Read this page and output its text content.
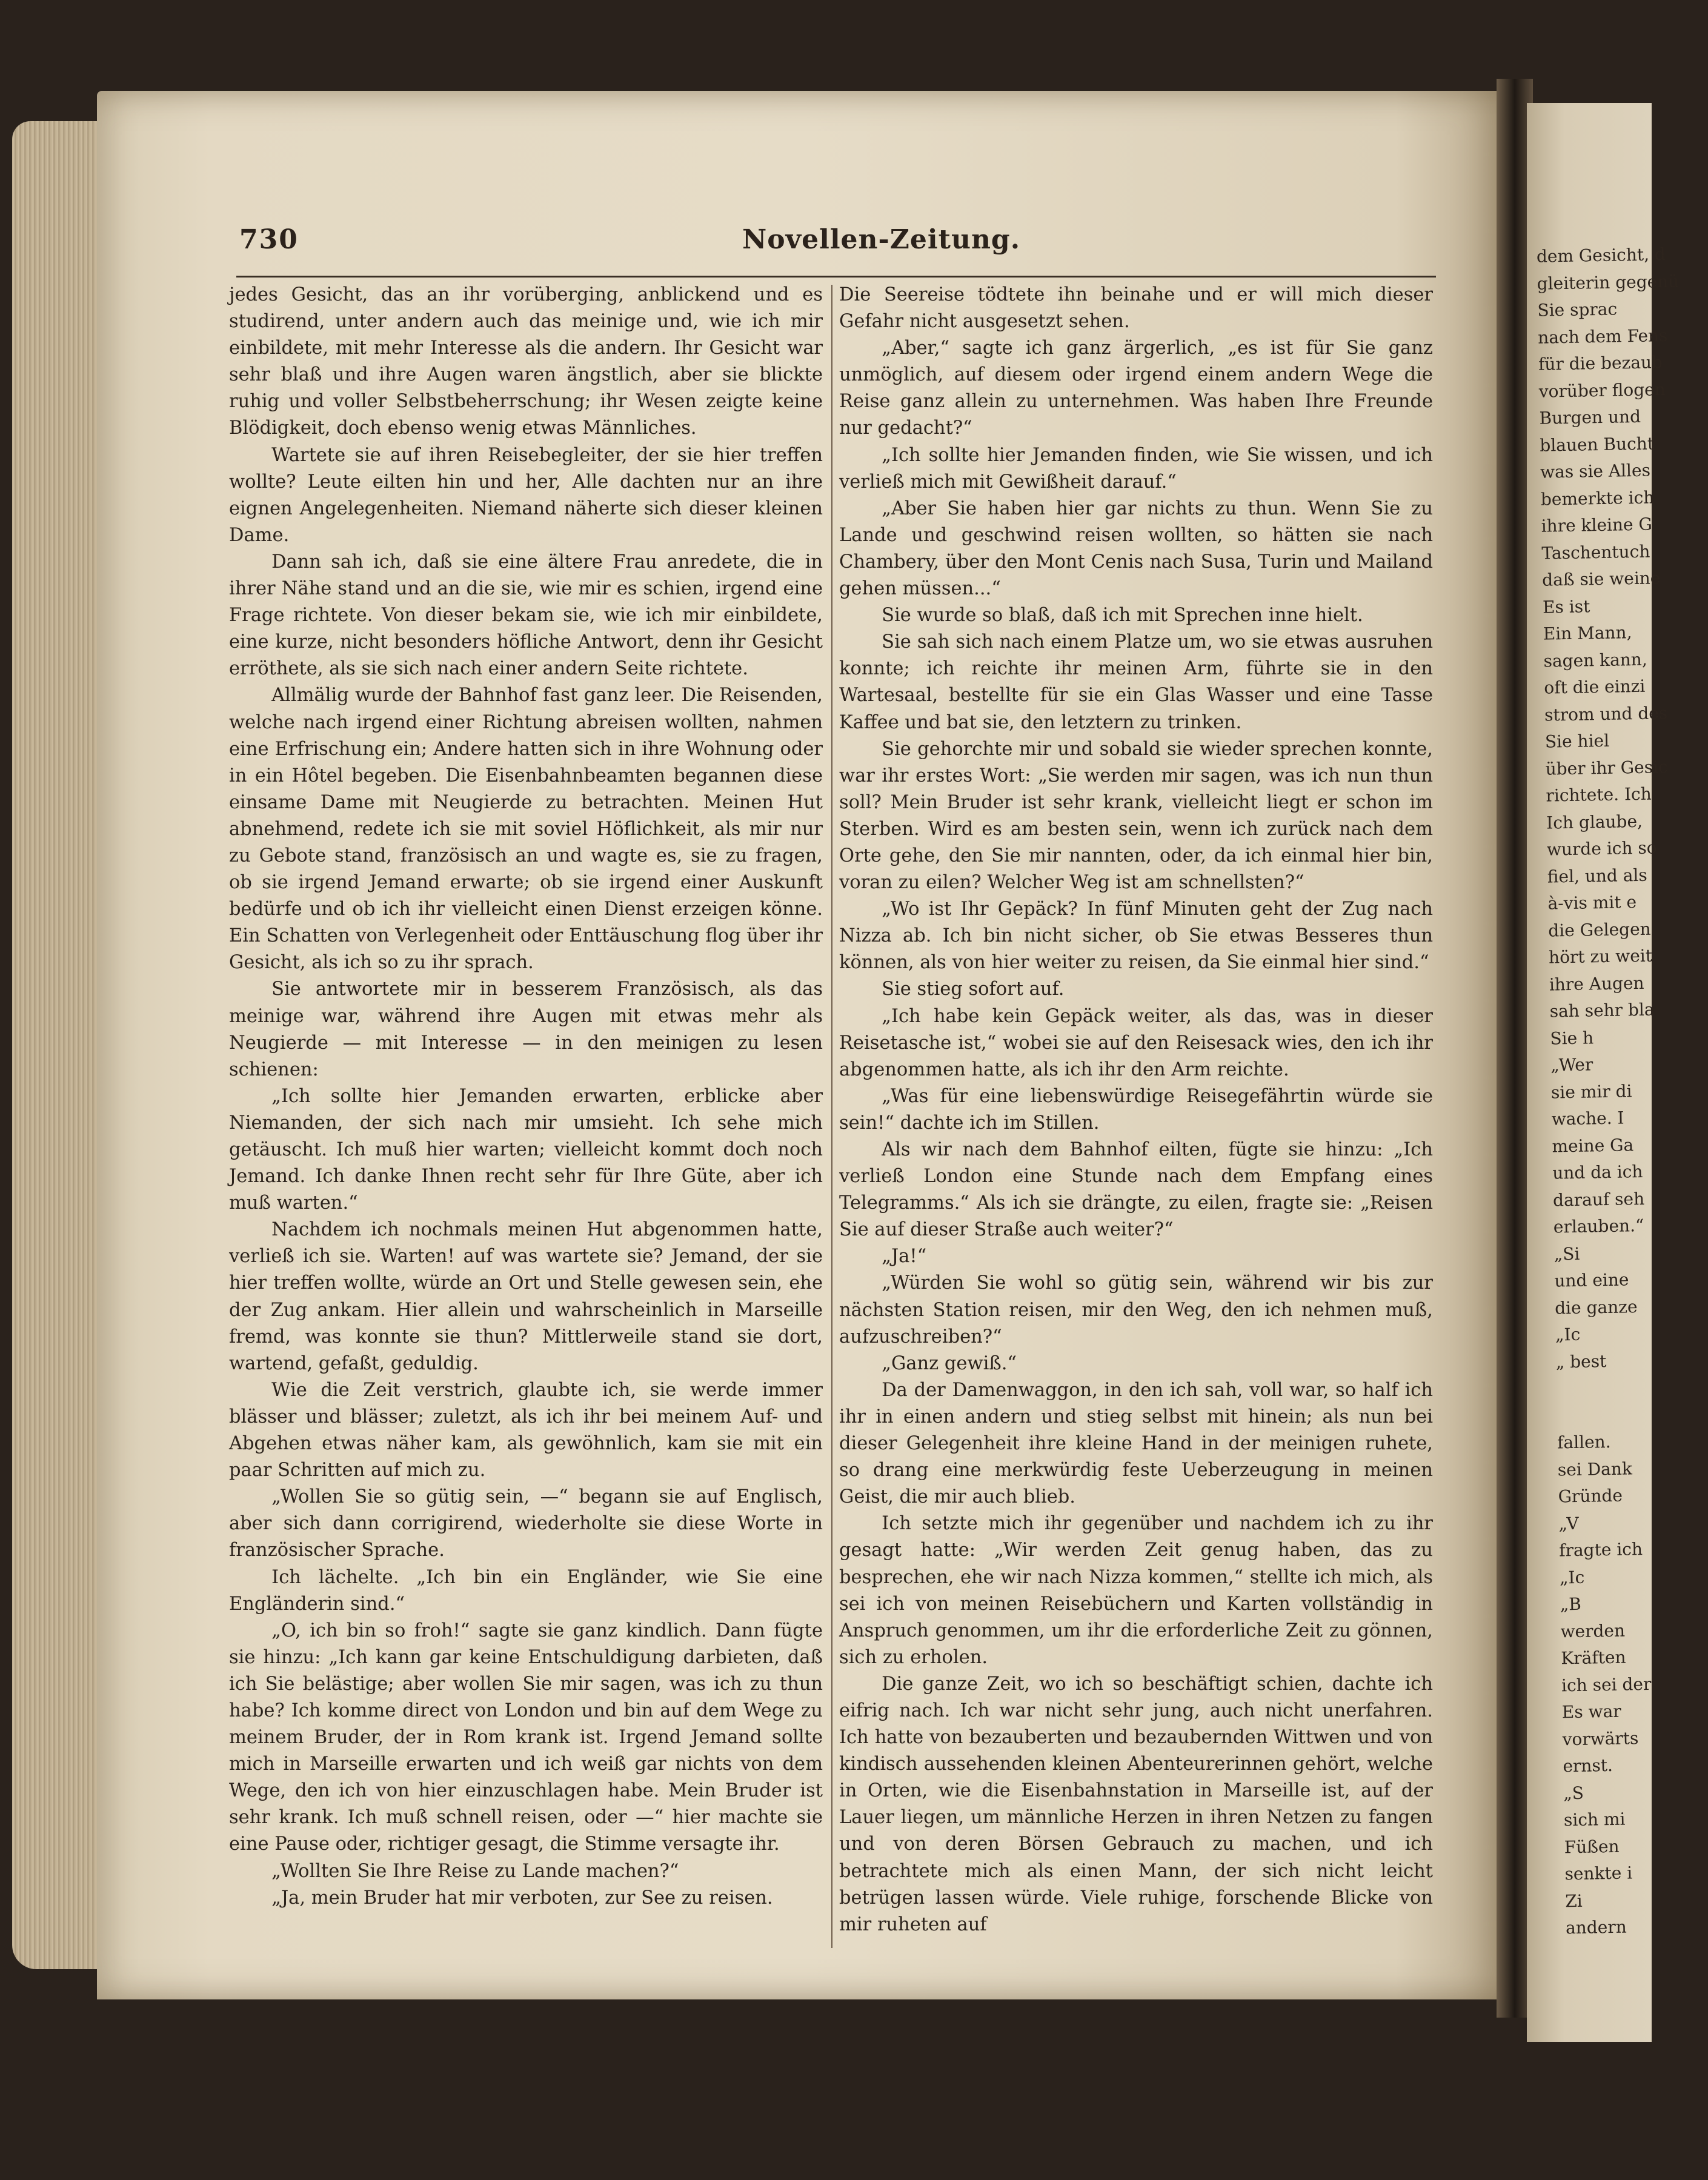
dem Gesicht, d
gleiterin gegenü
Sie sprac
nach dem Fens
für die bezaub
vorüber flogen
Burgen und
blauen Bucht
was sie Alles
bemerkte ich
ihre kleine G
Taschentuch
daß sie weine
Es ist
Ein Mann,
sagen kann,
oft die einzi
strom und des
Sie hiel
über ihr Gesic
richtete. Ich
Ich glaube,
wurde ich so
fiel, und als
à-vis mit e
die Gelegen
hört zu weit
ihre Augen
sah sehr bla
Sie h
„Wer
sie mir di
wache. I
meine Ga
und da ich
darauf seh
erlauben.“
„Si
und eine
die ganze
„Ic
„ best
fallen.
sei Dank
Gründe
„V
fragte ich
„Ic
„B
werden
Kräften
ich sei der
Es war
vorwärts
ernst.
„S
sich mi
Füßen
senkte i
Zi
andern
730	Novellen-Zeitung.

jedes Gesicht, das an ihr vorüberging, anblickend und es studirend, unter andern auch das meinige und, wie ich mir einbildete, mit mehr Interesse als die andern. Ihr Gesicht war sehr blaß und ihre Augen waren ängstlich, aber sie blickte ruhig und voller Selbstbeherrschung; ihr Wesen zeigte keine Blödigkeit, doch ebenso wenig etwas Männliches.

Wartete sie auf ihren Reisebegleiter, der sie hier treffen wollte? Leute eilten hin und her, Alle dachten nur an ihre eignen Angelegenheiten. Niemand näherte sich dieser kleinen Dame.

Dann sah ich, daß sie eine ältere Frau anredete, die in ihrer Nähe stand und an die sie, wie mir es schien, irgend eine Frage richtete. Von dieser bekam sie, wie ich mir einbildete, eine kurze, nicht besonders höfliche Antwort, denn ihr Gesicht erröthete, als sie sich nach einer andern Seite richtete.

Allmälig wurde der Bahnhof fast ganz leer. Die Reisenden, welche nach irgend einer Richtung abreisen wollten, nahmen eine Erfrischung ein; Andere hatten sich in ihre Wohnung oder in ein Hôtel begeben. Die Eisenbahnbeamten begannen diese einsame Dame mit Neugierde zu betrachten. Meinen Hut abnehmend, redete ich sie mit soviel Höflichkeit, als mir nur zu Gebote stand, französisch an und wagte es, sie zu fragen, ob sie irgend Jemand erwarte; ob sie irgend einer Auskunft bedürfe und ob ich ihr vielleicht einen Dienst erzeigen könne. Ein Schatten von Verlegenheit oder Enttäuschung flog über ihr Gesicht, als ich so zu ihr sprach.

Sie antwortete mir in besserem Französisch, als das meinige war, während ihre Augen mit etwas mehr als Neugierde — mit Interesse — in den meinigen zu lesen schienen:

„Ich sollte hier Jemanden erwarten, erblicke aber Niemanden, der sich nach mir umsieht. Ich sehe mich getäuscht. Ich muß hier warten; vielleicht kommt doch noch Jemand. Ich danke Ihnen recht sehr für Ihre Güte, aber ich muß warten.“

Nachdem ich nochmals meinen Hut abgenommen hatte, verließ ich sie. Warten! auf was wartete sie? Jemand, der sie hier treffen wollte, würde an Ort und Stelle gewesen sein, ehe der Zug ankam. Hier allein und wahrscheinlich in Marseille fremd, was konnte sie thun? Mittlerweile stand sie dort, wartend, gefaßt, geduldig.

Wie die Zeit verstrich, glaubte ich, sie werde immer blässer und blässer; zuletzt, als ich ihr bei meinem Auf- und Abgehen etwas näher kam, als gewöhnlich, kam sie mit ein paar Schritten auf mich zu.

„Wollen Sie so gütig sein, —“ begann sie auf Englisch, aber sich dann corrigirend, wiederholte sie diese Worte in französischer Sprache.

Ich lächelte. „Ich bin ein Engländer, wie Sie eine Engländerin sind.“

„O, ich bin so froh!“ sagte sie ganz kindlich. Dann fügte sie hinzu: „Ich kann gar keine Entschuldigung darbieten, daß ich Sie belästige; aber wollen Sie mir sagen, was ich zu thun habe? Ich komme direct von London und bin auf dem Wege zu meinem Bruder, der in Rom krank ist. Irgend Jemand sollte mich in Marseille erwarten und ich weiß gar nichts von dem Wege, den ich von hier einzuschlagen habe. Mein Bruder ist sehr krank. Ich muß schnell reisen, oder —“ hier machte sie eine Pause oder, richtiger gesagt, die Stimme versagte ihr.

„Wollten Sie Ihre Reise zu Lande machen?“

„Ja, mein Bruder hat mir verboten, zur See zu reisen.

Die Seereise tödtete ihn beinahe und er will mich dieser Gefahr nicht ausgesetzt sehen.

„Aber,“ sagte ich ganz ärgerlich, „es ist für Sie ganz unmöglich, auf diesem oder irgend einem andern Wege die Reise ganz allein zu unternehmen. Was haben Ihre Freunde nur gedacht?“

„Ich sollte hier Jemanden finden, wie Sie wissen, und ich verließ mich mit Gewißheit darauf.“

„Aber Sie haben hier gar nichts zu thun. Wenn Sie zu Lande und geschwind reisen wollten, so hätten sie nach Chambery, über den Mont Cenis nach Susa, Turin und Mailand gehen müssen...“

Sie wurde so blaß, daß ich mit Sprechen inne hielt.

Sie sah sich nach einem Platze um, wo sie etwas ausruhen konnte; ich reichte ihr meinen Arm, führte sie in den Wartesaal, bestellte für sie ein Glas Wasser und eine Tasse Kaffee und bat sie, den letztern zu trinken.

Sie gehorchte mir und sobald sie wieder sprechen konnte, war ihr erstes Wort: „Sie werden mir sagen, was ich nun thun soll? Mein Bruder ist sehr krank, vielleicht liegt er schon im Sterben. Wird es am besten sein, wenn ich zurück nach dem Orte gehe, den Sie mir nannten, oder, da ich einmal hier bin, voran zu eilen? Welcher Weg ist am schnellsten?“

„Wo ist Ihr Gepäck? In fünf Minuten geht der Zug nach Nizza ab. Ich bin nicht sicher, ob Sie etwas Besseres thun können, als von hier weiter zu reisen, da Sie einmal hier sind.“

Sie stieg sofort auf.

„Ich habe kein Gepäck weiter, als das, was in dieser Reisetasche ist,“ wobei sie auf den Reisesack wies, den ich ihr abgenommen hatte, als ich ihr den Arm reichte.

„Was für eine liebenswürdige Reisegefährtin würde sie sein!“ dachte ich im Stillen.

Als wir nach dem Bahnhof eilten, fügte sie hinzu: „Ich verließ London eine Stunde nach dem Empfang eines Telegramms.“ Als ich sie drängte, zu eilen, fragte sie: „Reisen Sie auf dieser Straße auch weiter?“

„Ja!“

„Würden Sie wohl so gütig sein, während wir bis zur nächsten Station reisen, mir den Weg, den ich nehmen muß, aufzuschreiben?“

„Ganz gewiß.“

Da der Damenwaggon, in den ich sah, voll war, so half ich ihr in einen andern und stieg selbst mit hinein; als nun bei dieser Gelegenheit ihre kleine Hand in der meinigen ruhete, so drang eine merkwürdig feste Ueberzeugung in meinen Geist, die mir auch blieb.

Ich setzte mich ihr gegenüber und nachdem ich zu ihr gesagt hatte: „Wir werden Zeit genug haben, das zu besprechen, ehe wir nach Nizza kommen,“ stellte ich mich, als sei ich von meinen Reisebüchern und Karten vollständig in Anspruch genommen, um ihr die erforderliche Zeit zu gönnen, sich zu erholen.

Die ganze Zeit, wo ich so beschäftigt schien, dachte ich eifrig nach. Ich war nicht sehr jung, auch nicht unerfahren. Ich hatte von bezauberten und bezaubernden Wittwen und von kindisch aussehenden kleinen Abenteurerinnen gehört, welche in Orten, wie die Eisenbahnstation in Marseille ist, auf der Lauer liegen, um männliche Herzen in ihren Netzen zu fangen und von deren Börsen Gebrauch zu machen, und ich betrachtete mich als einen Mann, der sich nicht leicht betrügen lassen würde. Viele ruhige, forschende Blicke von mir ruheten auf
